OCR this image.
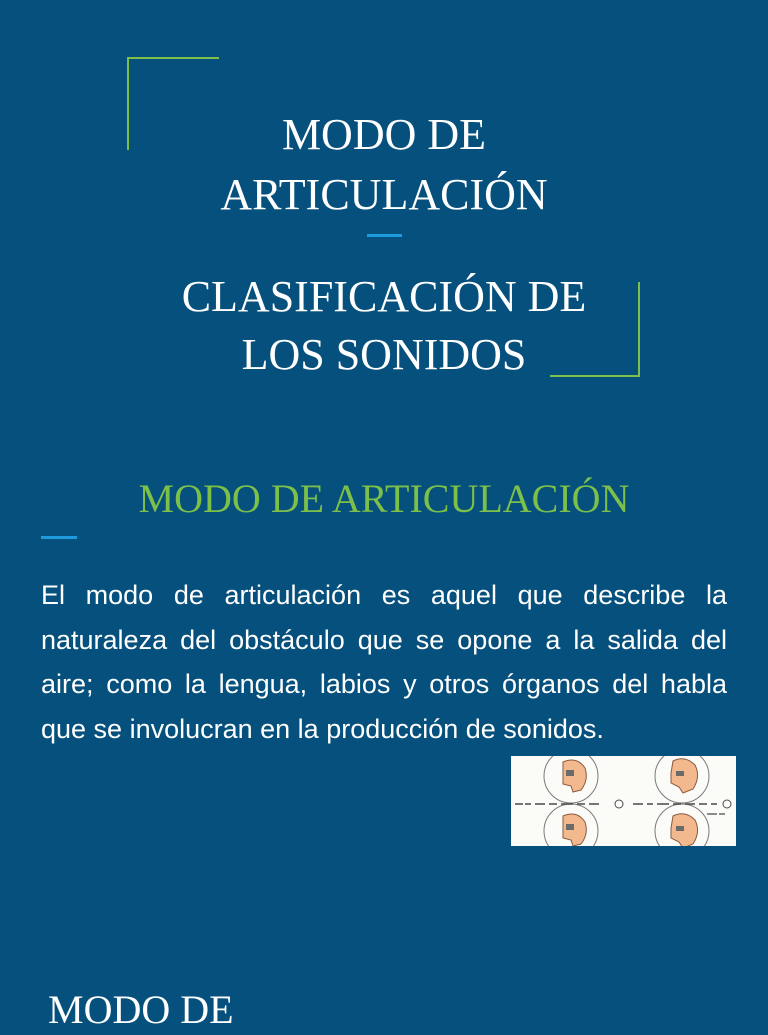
MODO DE
ARTICULACIÓN
CLASIFICACIÓN DE
LOS SONIDOS
MODO DE ARTICULACIÓN
El modo de articulación es aquel que describe la naturaleza del obstáculo que se opone a la salida del aire; como la lengua, labios y otros órganos del habla que se involucran en la producción de sonidos.
MODO DE
